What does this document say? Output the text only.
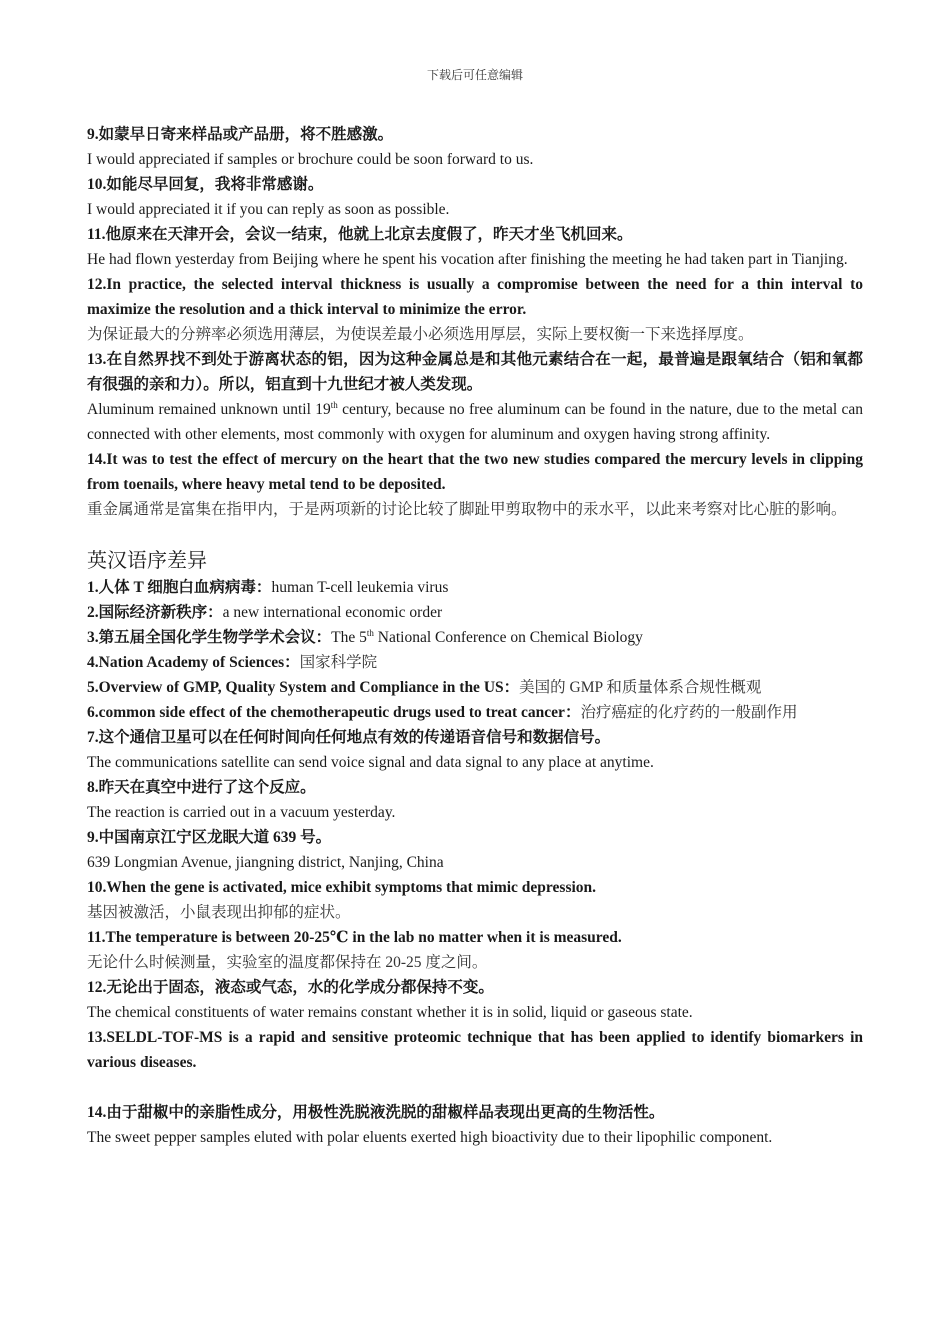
下载后可任意编辑

9.如蒙早日寄来样品或产品册，将不胜感激。

I would appreciated if samples or brochure could be soon forward to us.

10.如能尽早回复，我将非常感谢。

I would appreciated it if you can reply as soon as possible.

11.他原来在天津开会，会议一结束，他就上北京去度假了，昨天才坐飞机回来。

He had flown yesterday from Beijing where he spent his vocation after finishing the meeting he had taken part in Tianjing.

12.In practice, the selected interval thickness is usually a compromise between the need for a thin interval to maximize the resolution and a thick interval to minimize the error.

为保证最大的分辨率必须选用薄层，为使误差最小必须选用厚层，实际上要权衡一下来选择厚度。

13.在自然界找不到处于游离状态的铝，因为这种金属总是和其他元素结合在一起，最普遍是跟氧结合（铝和氧都有很强的亲和力）。所以，铝直到十九世纪才被人类发现。

Aluminum remained unknown until 19th century, because no free aluminum can be found in the nature, due to the metal can connected with other elements, most commonly with oxygen for aluminum and oxygen having strong affinity.

14.It was to test the effect of mercury on the heart that the two new studies compared the mercury levels in clipping from toenails, where heavy metal tend to be deposited.

重金属通常是富集在指甲内，于是两项新的讨论比较了脚趾甲剪取物中的汞水平，以此来考察对比心脏的影响。

英汉语序差异

1.人体 T 细胞白血病病毒：human T-cell leukemia virus

2.国际经济新秩序：a new international economic order

3.第五届全国化学生物学学术会议：The 5th National Conference on Chemical Biology

4.Nation Academy of Sciences：国家科学院

5.Overview of GMP, Quality System and Compliance in the US：美国的 GMP 和质量体系合规性概观

6.common side effect of the chemotherapeutic drugs used to treat cancer：治疗癌症的化疗药的一般副作用

7.这个通信卫星可以在任何时间向任何地点有效的传递语音信号和数据信号。

The communications satellite can send voice signal and data signal to any place at anytime.

8.昨天在真空中进行了这个反应。

The reaction is carried out in a vacuum yesterday.

9.中国南京江宁区龙眠大道 639 号。

639 Longmian Avenue, jiangning district, Nanjing, China

10.When the gene is activated, mice exhibit symptoms that mimic depression.

基因被激活，小鼠表现出抑郁的症状。

11.The temperature is between 20-25℃ in the lab no matter when it is measured.

无论什么时候测量，实验室的温度都保持在 20-25 度之间。

12.无论出于固态，液态或气态，水的化学成分都保持不变。

The chemical constituents of water remains constant whether it is in solid, liquid or gaseous state.

13.SELDL-TOF-MS is a rapid and sensitive proteomic technique that has been applied to identify biomarkers in various diseases.

14.由于甜椒中的亲脂性成分，用极性洗脱液洗脱的甜椒样品表现出更高的生物活性。

The sweet pepper samples eluted with polar eluents exerted high bioactivity due to their lipophilic component.
